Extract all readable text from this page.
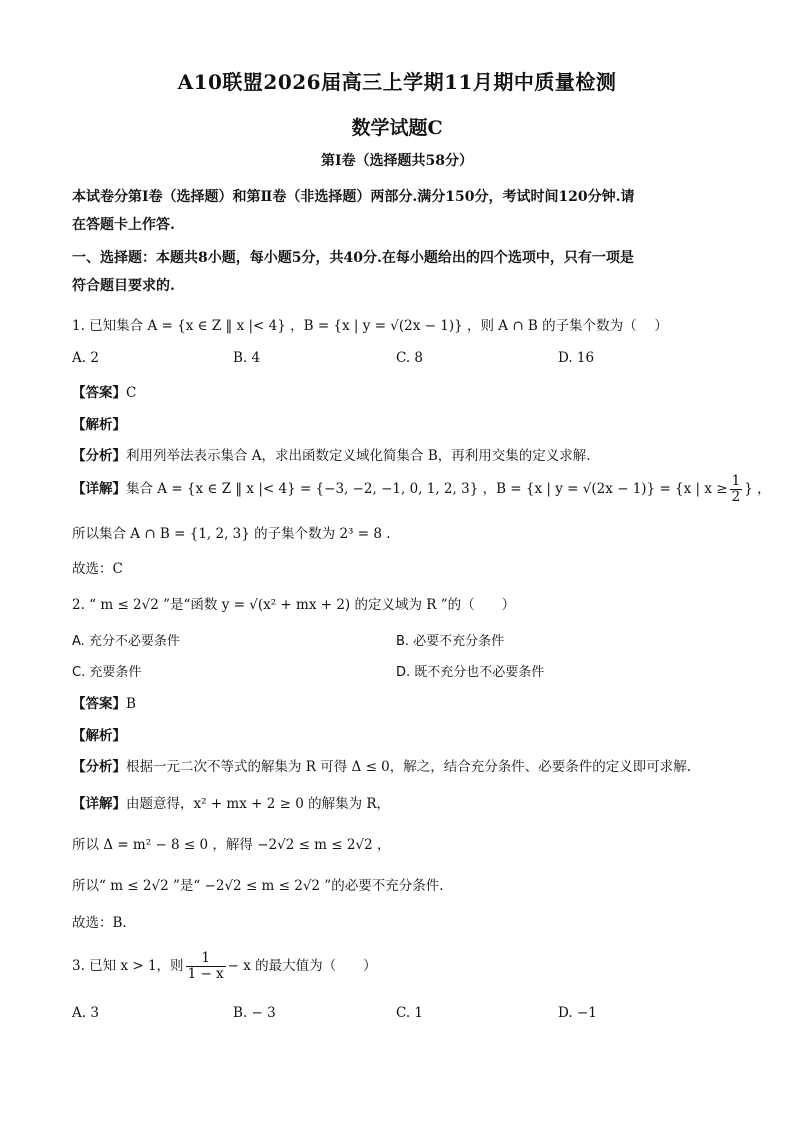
A10联盟2026届高三上学期11月期中质量检测
数学试题C
第Ⅰ卷（选择题共58分）
本试卷分第Ⅰ卷（选择题）和第Ⅱ卷（非选择题）两部分.满分150分，考试时间120分钟.请
在答题卡上作答.
一、选择题：本题共8小题，每小题5分，共40分.在每小题给出的四个选项中，只有一项是
符合题目要求的.
1. 已知集合 A = {x ∈ Z ‖ x |< 4} ，B = {x | y = √(2x − 1)} ，则 A ∩ B 的子集个数为（　 ）
A. 2	B. 4	C. 8	D. 16
【答案】C
【解析】
【分析】利用列举法表示集合 A，求出函数定义域化简集合 B，再利用交集的定义求解.
【详解】集合 A = {x ∈ Z ‖ x |< 4} = {−3, −2, −1, 0, 1, 2, 3} ，B = {x | y = √(2x − 1)} = {x | $x \ge \frac{1}{2}$ } ，
所以集合 A ∩ B = {1, 2, 3} 的子集个数为 2³ = 8 .
故选：C
2. “ m ≤ 2√2 ”是“函数 y = √(x² + mx + 2) 的定义域为 R ”的（　　）
A. 充分不必要条件	B. 必要不充分条件
C. 充要条件	D. 既不充分也不必要条件
【答案】B
【解析】
【分析】根据一元二次不等式的解集为 R 可得 Δ ≤ 0，解之，结合充分条件、必要条件的定义即可求解.
【详解】由题意得，x² + mx + 2 ≥ 0 的解集为 R，
所以 Δ = m² − 8 ≤ 0 ，解得 −2√2 ≤ m ≤ 2√2 ，
所以“ m ≤ 2√2 ”是“ −2√2 ≤ m ≤ 2√2 ”的必要不充分条件.
故选：B.
3. 已知 x > 1，则 $\frac{1}{1 - x} - x$ 的最大值为（　　）
A. 3	B. − 3	C. 1	D. −1
